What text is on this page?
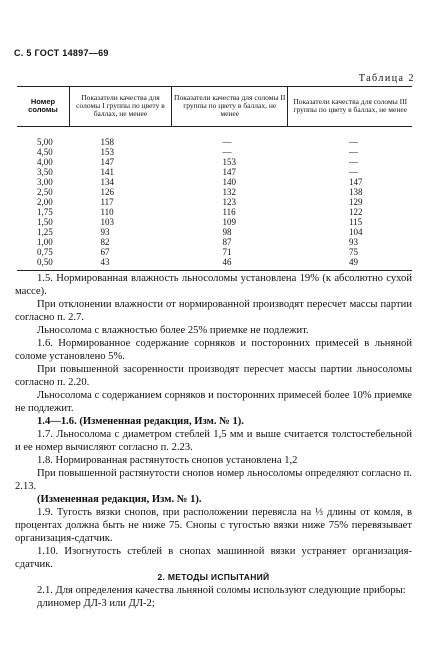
С. 5 ГОСТ 14897—69
Таблица 2
Номер соломы	Показатели качества для соломы I группы по цвету в баллах, не менее	Показатели качества для соломы II группы по цвету в баллах, не менее	Показатели качества для соломы III группы по цвету в баллах, не менее
5,00	158	—	—
4,50	153	—	—
4,00	147	153	—
3,50	141	147	—
3,00	134	140	147
2,50	126	132	138
2,00	117	123	129
1,75	110	116	122
1,50	103	109	115
1,25	93	98	104
1,00	82	87	93
0,75	67	71	75
0,50	43	46	49

1.5. Нормированная влажность льносоломы установлена 19% (к абсолютно сухой массе).

При отклонении влажности от нормированной производят пересчет массы партии согласно п. 2.7.

Льносолома с влажностью более 25% приемке не подлежит.

1.6. Нормированное содержание сорняков и посторонних примесей в льняной соломе установлено 5%.

При повышенной засоренности производят пересчет массы партии льносоломы согласно п. 2.20.

Льносолома с содержанием сорняков и посторонних примесей более 10% приемке не подлежит.

1.4—1.6. (Измененная редакция, Изм. № 1).

1.7. Льносолома с диаметром стеблей 1,5 мм и выше считается толстостебельной и ее номер вычисляют согласно п. 2.23.

1.8. Нормированная растянутость снопов установлена 1,2

При повышенной растянутости снопов номер льносоломы определяют согласно п. 2.13.

(Измененная редакция, Изм. № 1).

1.9. Тугость вязки снопов, при расположении перевясла на ⅓ длины от комля, в процентах должна быть не ниже 75. Снопы с тугостью вязки ниже 75% перевязывает организация-сдатчик.

1.10. Изогнутость стеблей в снопах машинной вязки устраняет организация-сдатчик.

2. МЕТОДЫ ИСПЫТАНИЙ

2.1. Для определения качества льняной соломы используют следующие приборы:

длиномер ДЛ-3 или ДЛ-2;
